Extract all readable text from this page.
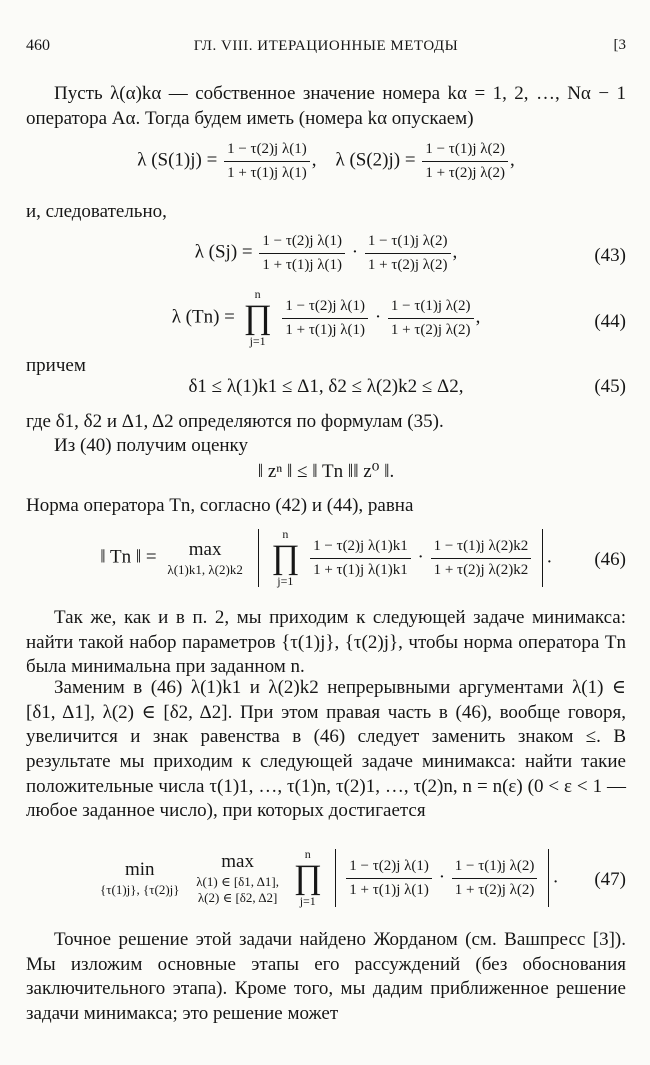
460	ГЛ. VIII. ИТЕРАЦИОННЫЕ МЕТОДЫ	[3
Пусть λ(α)kα — собственное значение номера kα = 1, 2, …, Nα − 1 оператора Aα. Тогда будем иметь (номера kα опускаем)
λ $(S(1)j) = \frac{\text{1 − τ(2)j λ(1)}}{\text{1 + τ(1)j λ(1)}}$ ,    λ $(S(2)j) = \frac{\text{1 − τ(1)j λ(2)}}{\text{1 + τ(2)j λ(2)}}$ ,
и, следовательно,
λ $(Sj) = \frac{\text{1 − τ(2)j λ(1)}}{\text{1 + τ(1)j λ(1)}} \cdot \frac{\text{1 − τ(1)j λ(2)}}{\text{1 + τ(2)j λ(2)}}$ ,	(43)
λ (Tn) =
n
∏
j=1

$\frac{\text{1 − τ(2)j λ(1)}}{\text{1 + τ(1)j λ(1)}} \cdot \frac{\text{1 − τ(1)j λ(2)}}{\text{1 + τ(2)j λ(2)}}$ ,	(44)
причем
δ1 ≤ λ(1)k1 ≤ Δ1, δ2 ≤ λ(2)k2 ≤ Δ2,	(45)
где δ1, δ2 и Δ1, Δ2 определяются по формулам (35).
Из (40) получим оценку
‖ zⁿ ‖ ≤ ‖ Tn ‖‖ z⁰ ‖.
Норма оператора Tn, согласно (42) и (44), равна
‖ Tn ‖ =	max
λ(1)k1, λ(2)k2
n
∏
j=1

$\frac{\text{1 − τ(2)j λ(1)k1}}{\text{1 + τ(1)j λ(1)k1}} \cdot \frac{\text{1 − τ(1)j λ(2)k2}}{\text{1 + τ(2)j λ(2)k2}}$ . (46)
Так же, как и в п. 2, мы приходим к следующей задаче минимакса: найти такой набор параметров {τ(1)j}, {τ(2)j}, чтобы норма оператора Tn была минимальна при заданном n.
Заменим в (46) λ(1)k1 и λ(2)k2 непрерывными аргументами λ(1) ∈ [δ1, Δ1], λ(2) ∈ [δ2, Δ2]. При этом правая часть в (46), вообще говоря, увеличится и знак равенства в (46) следует заменить знаком ≤. В результате мы приходим к следующей задаче минимакса: найти такие положительные числа τ(1)1, …, τ(1)n, τ(2)1, …, τ(2)n, n = n(ε) (0 < ε < 1 — любое заданное число), при которых достигается
min
{τ(1)j}, {τ(2)j}
max
λ(1) ∈ [δ1, Δ1],
λ(2) ∈ [δ2, Δ2]

n
∏
j=1

$\frac{\text{1 − τ(2)j λ(1)}}{\text{1 + τ(1)j λ(1)}} \cdot \frac{\text{1 − τ(1)j λ(2)}}{\text{1 + τ(2)j λ(2)}}$ . (47)
Точное решение этой задачи найдено Жорданом (см. Вашпресс [3]). Мы изложим основные этапы его рассуждений (без обоснования заключительного этапа). Кроме того, мы дадим приближенное решение задачи минимакса; это решение может
